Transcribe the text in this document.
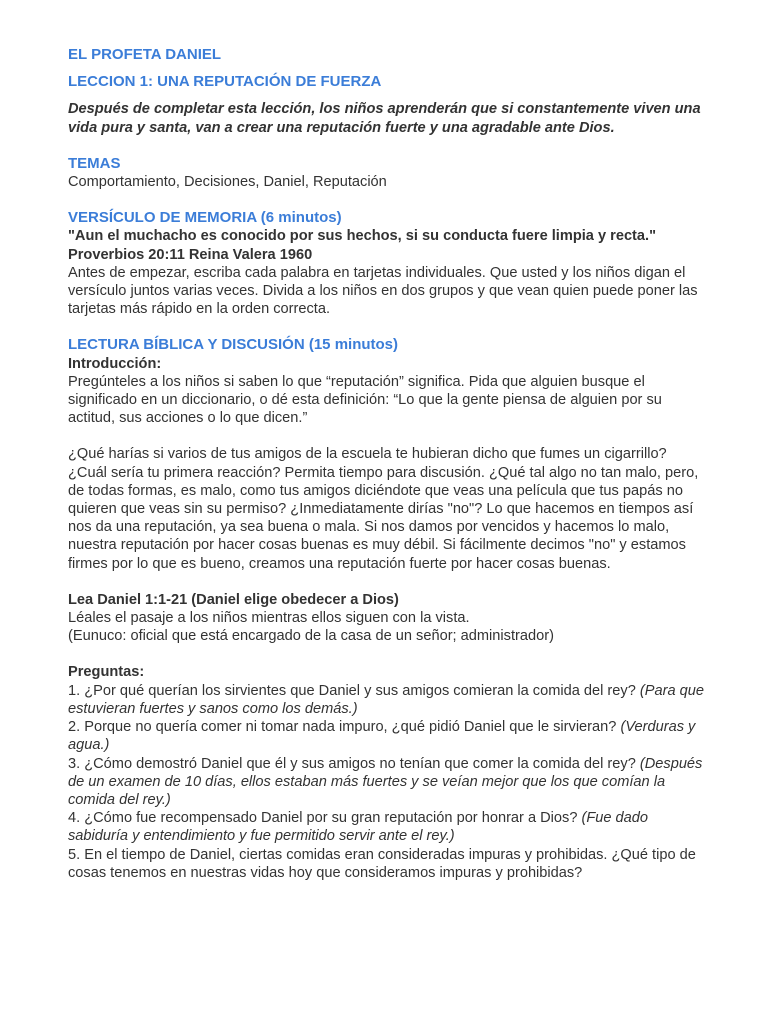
EL PROFETA DANIEL

LECCION 1: UNA REPUTACIÓN DE FUERZA

Después de completar esta lección, los niños aprenderán que si constantemente viven una vida pura y santa, van a crear una reputación fuerte y una agradable ante Dios.

TEMAS

Comportamiento, Decisiones, Daniel, Reputación

VERSÍCULO DE MEMORIA (6 minutos)

"Aun el muchacho es conocido por sus hechos, si su conducta fuere limpia y recta."

Proverbios 20:11 Reina Valera 1960

Antes de empezar, escriba cada palabra en tarjetas individuales. Que usted y los niños digan el versículo juntos varias veces. Divida a los niños en dos grupos y que vean quien puede poner las tarjetas más rápido en la orden correcta.

LECTURA BÍBLICA Y DISCUSIÓN (15 minutos)

Introducción:

Pregúnteles a los niños si saben lo que “reputación” significa. Pida que alguien busque el significado en un diccionario, o dé esta definición: “Lo que la gente piensa de alguien por su actitud, sus acciones o lo que dicen.”

¿Qué harías si varios de tus amigos de la escuela te hubieran dicho que fumes un cigarrillo? ¿Cuál sería tu primera reacción? Permita tiempo para discusión. ¿Qué tal algo no tan malo, pero, de todas formas, es malo, como tus amigos diciéndote que veas una película que tus papás no quieren que veas sin su permiso? ¿Inmediatamente dirías "no"? Lo que hacemos en tiempos así nos da una reputación, ya sea buena o mala. Si nos damos por vencidos y hacemos lo malo, nuestra reputación por hacer cosas buenas es muy débil. Si fácilmente decimos "no" y estamos firmes por lo que es bueno, creamos una reputación fuerte por hacer cosas buenas.

Lea Daniel 1:1-21 (Daniel elige obedecer a Dios)

Léales el pasaje a los niños mientras ellos siguen con la vista.

(Eunuco: oficial que está encargado de la casa de un señor; administrador)

Preguntas:

1. ¿Por qué querían los sirvientes que Daniel y sus amigos comieran la comida del rey? (Para que estuvieran fuertes y sanos como los demás.)

2. Porque no quería comer ni tomar nada impuro, ¿qué pidió Daniel que le sirvieran? (Verduras y agua.)

3. ¿Cómo demostró Daniel que él y sus amigos no tenían que comer la comida del rey? (Después de un examen de 10 días, ellos estaban más fuertes y se veían mejor que los que comían la comida del rey.)

4. ¿Cómo fue recompensado Daniel por su gran reputación por honrar a Dios? (Fue dado sabiduría y entendimiento y fue permitido servir ante el rey.)

5. En el tiempo de Daniel, ciertas comidas eran consideradas impuras y prohibidas. ¿Qué tipo de cosas tenemos en nuestras vidas hoy que consideramos impuras y prohibidas?
